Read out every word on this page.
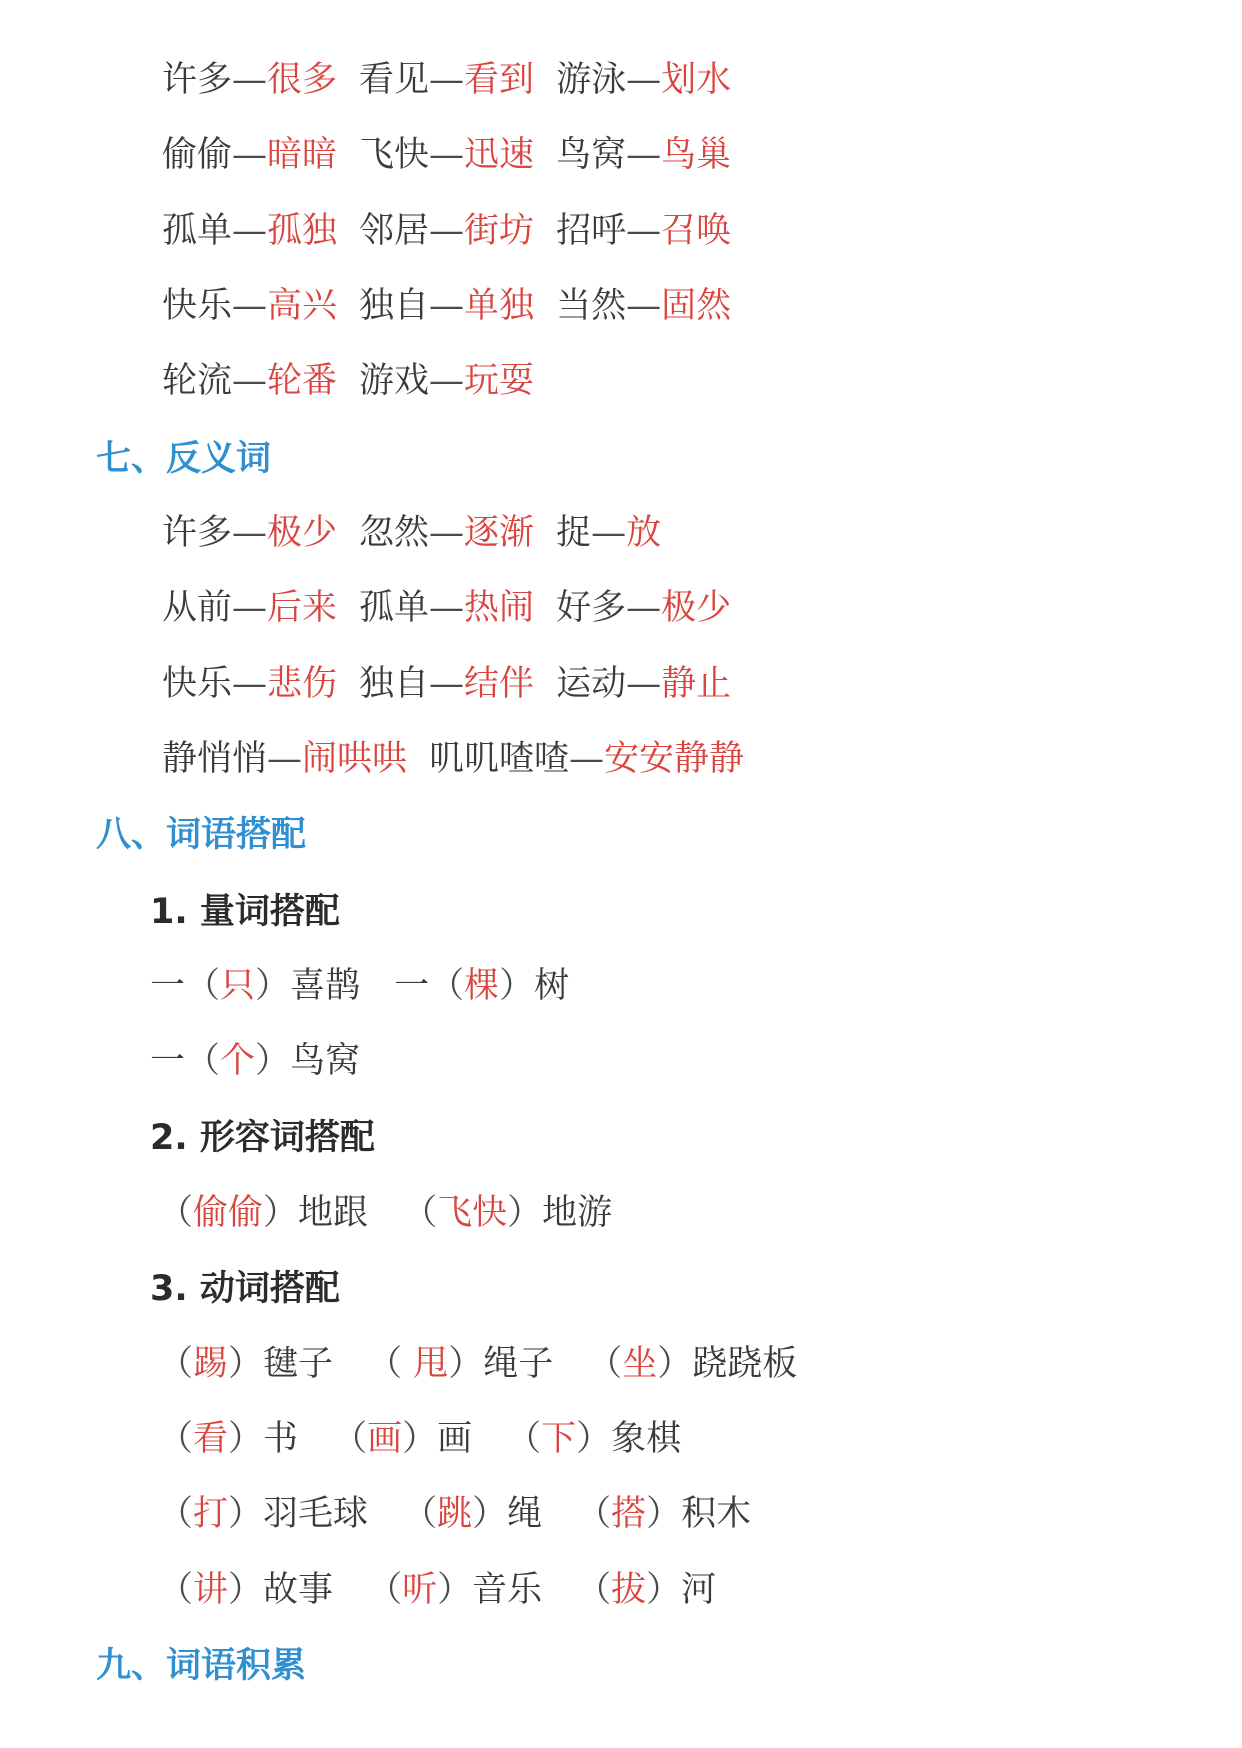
许多—很多 看见—看到 游泳—划水
偷偷—暗暗 飞快—迅速 鸟窝—鸟巢
孤单—孤独 邻居—街坊 招呼—召唤
快乐—高兴 独自—单独 当然—固然
轮流—轮番 游戏—玩耍
七、反义词
许多—极少 忽然—逐渐 捉—放
从前—后来 孤单—热闹 好多—极少
快乐—悲伤 独自—结伴 运动—静止
静悄悄—闹哄哄 叽叽喳喳—安安静静
八、词语搭配
1. 量词搭配
一（只）喜鹊 一（棵）树
一（个）鸟窝
2. 形容词搭配
（偷偷）地跟 （飞快）地游
3. 动词搭配
（踢）毽子 （ 甩）绳子 （坐）跷跷板
（看）书 （画）画 （下）象棋
（打）羽毛球 （跳）绳 （搭）积木
（讲）故事 （听）音乐 （拔）河
九、词语积累
